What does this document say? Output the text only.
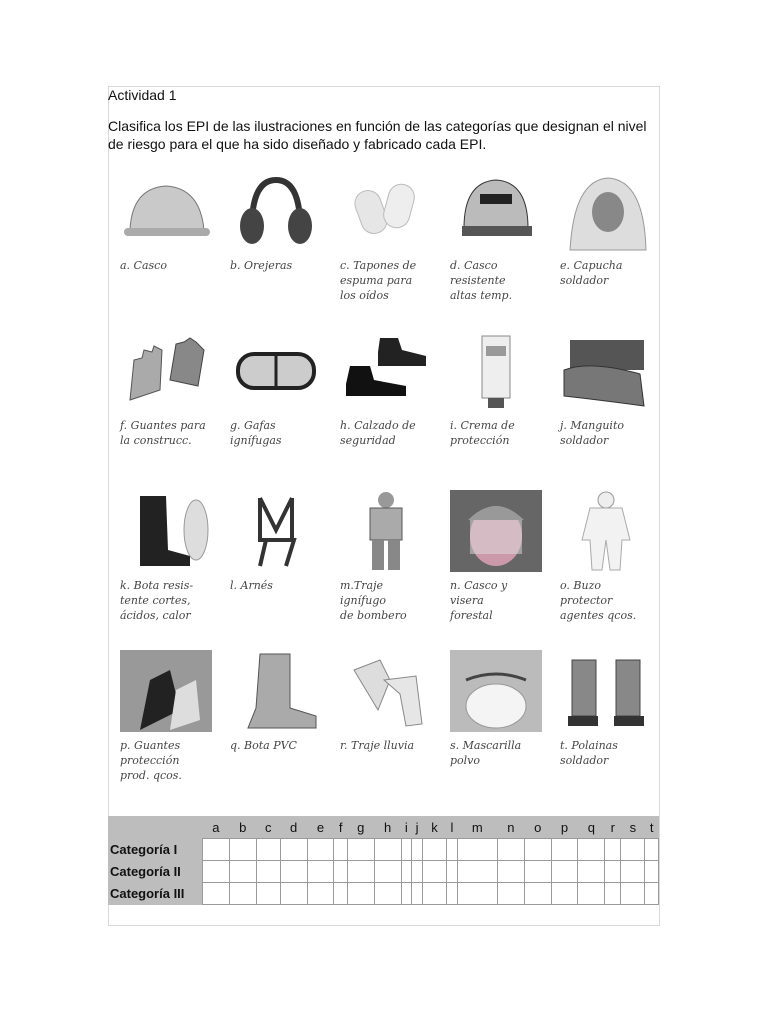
Actividad 1
Clasifica los EPI de las ilustraciones en función de las categorías que designan el nivel de riesgo para el que ha sido diseñado y fabricado cada EPI.
a. Casco	b. Orejeras	c. Tapones de
espuma para
los oídos
d. Casco
resistente
altas temp.
e. Capucha
soldador
f. Guantes para
la construcc.
g. Gafas
ignífugas
h. Calzado de
seguridad
i. Crema de
protección
j. Manguito
soldador
k. Bota resis-
tente cortes,
ácidos, calor
l. Arnés	m.Traje
ignífugo
de bombero
n. Casco y
visera
forestal
o. Buzo
protector
agentes qcos.
p. Guantes
protección
prod. qcos.
q. Bota PVC	r. Traje lluvia	s. Mascarilla
polvo
t. Polainas
soldador
	a	b	c	d	e	f	g	h	i	j	k	l	m	n	o	p	q	r	s	t
Categoría I																				
Categoría II																				
Categoría III																				
